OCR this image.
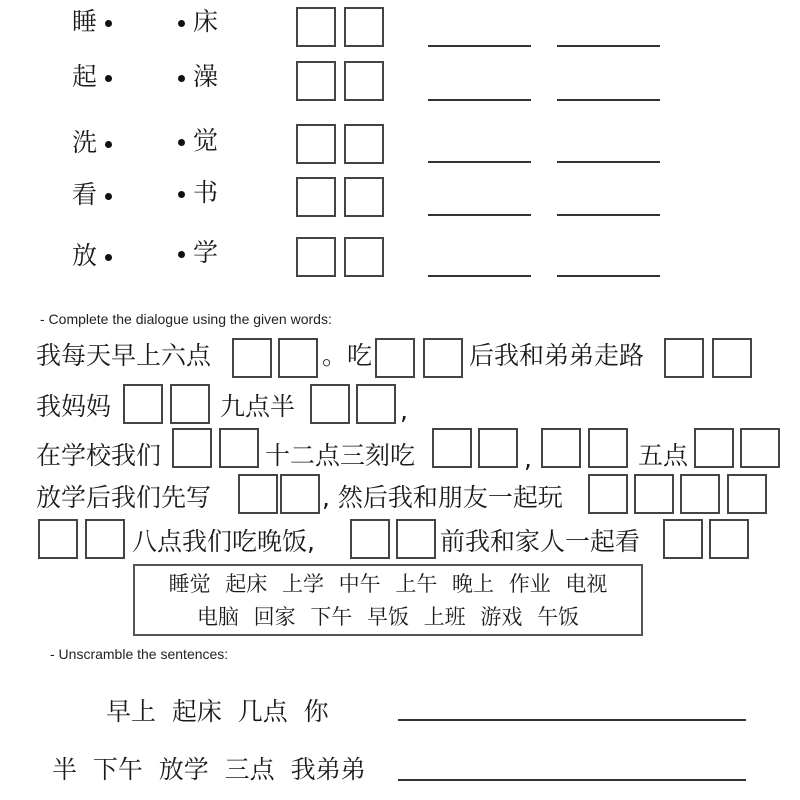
睡	床
起	澡
洗	觉
看	书
放	学
- Complete the dialogue using the given words:
我每天早上六点	。吃	后我和弟弟走路
我妈妈	九点半	,
在学校我们	十二点三刻吃	,	五点
放学后我们先写	, 然后我和朋友一起玩
八点我们吃晚饭,	前我和家人一起看
睡觉 起床 上学 中午 上午 晚上 作业 电视
电脑 回家 下午 早饭 上班 游戏 午饭
- Unscramble the sentences:
早上  起床  几点  你
半  下午  放学  三点  我弟弟
